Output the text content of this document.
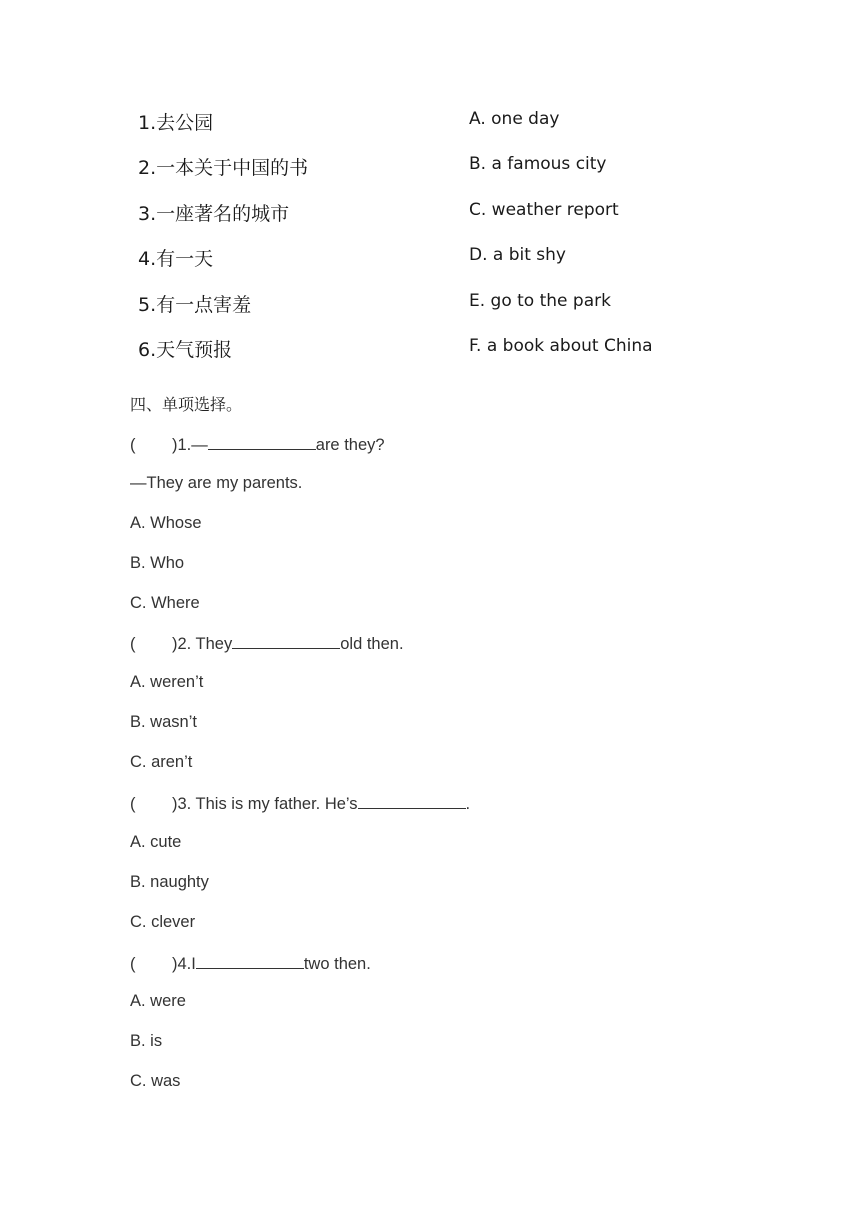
1.去公园	A. one day
2.一本关于中国的书	B. a famous city
3.一座著名的城市	C. weather report
4.有一天	D. a bit shy
5.有一点害羞	E. go to the park
6.天气预报	F. a book about China
四、单项选择。
( )1.—	are they?
—They are my parents.
A. Whose
B. Who
C. Where
( )2. They	old then.
A. weren’t
B. wasn’t
C. aren’t
( )3. This is my father. He’s	.
A. cute
B. naughty
C. clever
( )4.I	two then.
A. were
B. is
C. was
